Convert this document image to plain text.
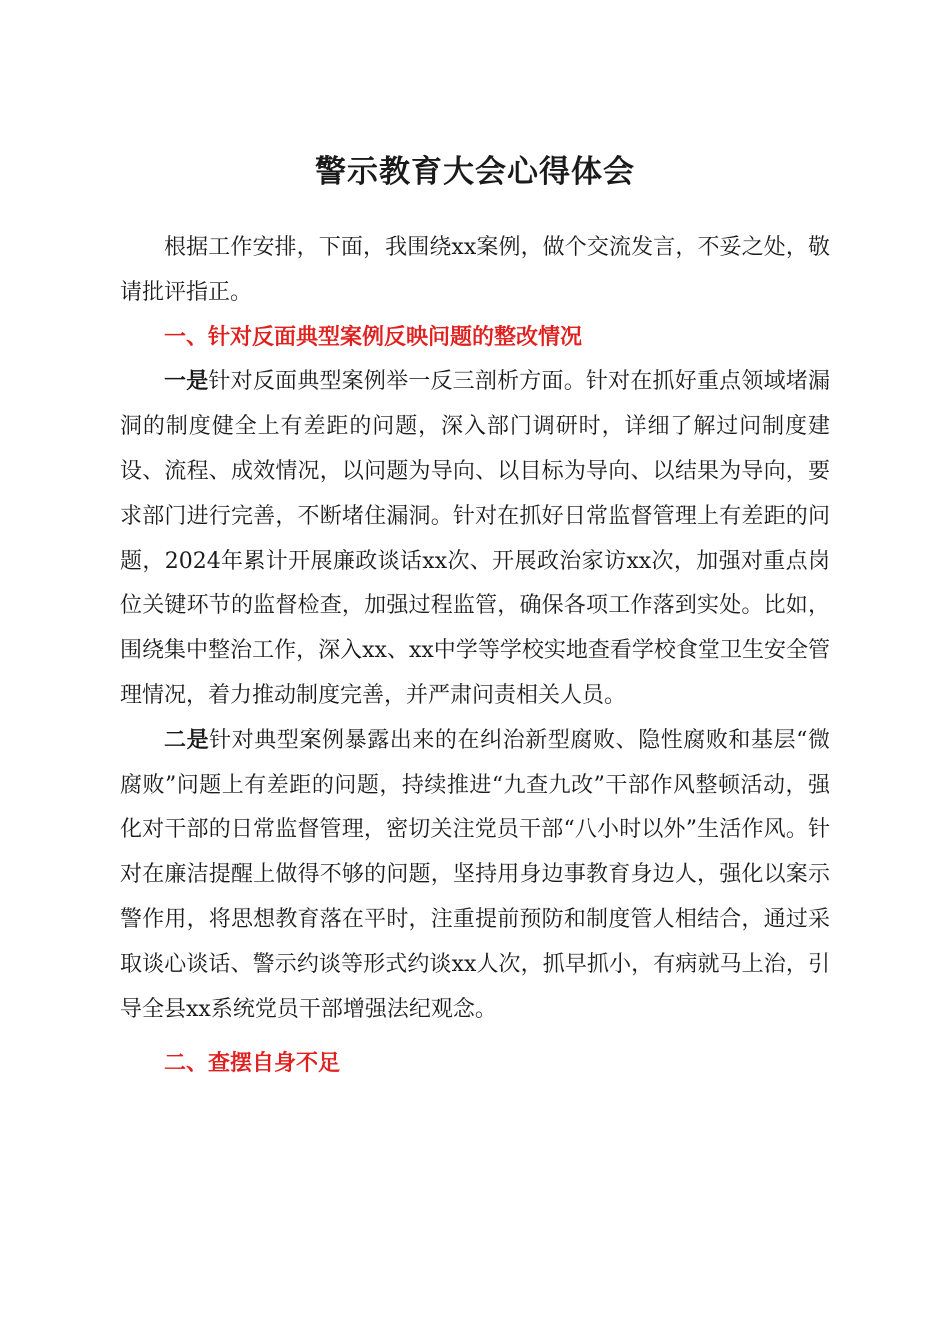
警示教育大会心得体会

根据工作安排，下面，我围绕xx案例，做个交流发言，不妥之处，敬请批评指正。

一、针对反面典型案例反映问题的整改情况

一是针对反面典型案例举一反三剖析方面。针对在抓好重点领域堵漏洞的制度健全上有差距的问题，深入部门调研时，详细了解过问制度建设、流程、成效情况，以问题为导向、以目标为导向、以结果为导向，要求部门进行完善，不断堵住漏洞。针对在抓好日常监督管理上有差距的问题，2024年累计开展廉政谈话xx次、开展政治家访xx次，加强对重点岗位关键环节的监督检查，加强过程监管，确保各项工作落到实处。比如，围绕集中整治工作，深入xx、xx中学等学校实地查看学校食堂卫生安全管理情况，着力推动制度完善，并严肃问责相关人员。

二是针对典型案例暴露出来的在纠治新型腐败、隐性腐败和基层“微腐败”问题上有差距的问题，持续推进“九查九改”干部作风整顿活动，强化对干部的日常监督管理，密切关注党员干部“八小时以外”生活作风。针对在廉洁提醒上做得不够的问题，坚持用身边事教育身边人，强化以案示警作用，将思想教育落在平时，注重提前预防和制度管人相结合，通过采取谈心谈话、警示约谈等形式约谈xx人次，抓早抓小，有病就马上治，引导全县xx系统党员干部增强法纪观念。

二、查摆自身不足
